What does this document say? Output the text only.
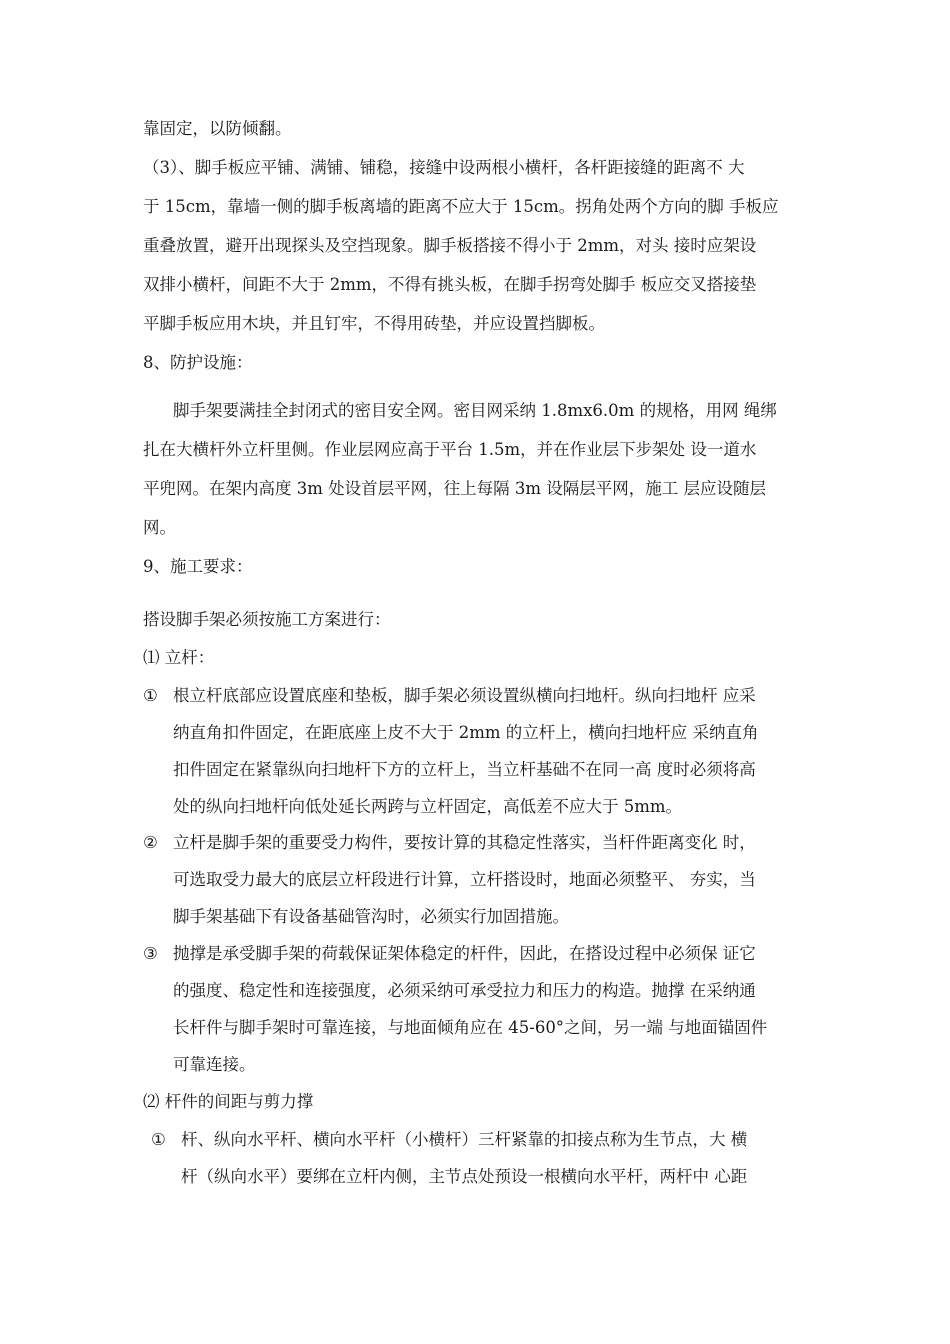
靠固定，以防倾翻。
（3）、脚手板应平铺、满铺、铺稳，接缝中设两根小横杆，各杆距接缝的距离不 大
于 15cm，靠墙一侧的脚手板离墙的距离不应大于 15cm。拐角处两个方向的脚 手板应
重叠放置，避开出现探头及空挡现象。脚手板搭接不得小于 2mm，对头 接时应架设
双排小横杆，间距不大于 2mm，不得有挑头板，在脚手拐弯处脚手 板应交叉搭接垫
平脚手板应用木块，并且钉牢，不得用砖垫，并应设置挡脚板。
8、防护设施：
脚手架要满挂全封闭式的密目安全网。密目网采纳 1.8mx6.0m 的规格，用网 绳绑
扎在大横杆外立杆里侧。作业层网应高于平台 1.5m，并在作业层下步架处 设一道水
平兜网。在架内高度 3m 处设首层平网，往上每隔 3m 设隔层平网，施工 层应设随层
网。
9、施工要求：
搭设脚手架必须按施工方案进行：
⑴ 立杆：
① 根立杆底部应设置底座和垫板，脚手架必须设置纵横向扫地杆。纵向扫地杆 应采
纳直角扣件固定，在距底座上皮不大于 2mm 的立杆上，横向扫地杆应 采纳直角
扣件固定在紧靠纵向扫地杆下方的立杆上，当立杆基础不在同一高 度时必须将高
处的纵向扫地杆向低处延长两跨与立杆固定，高低差不应大于 5mm。
② 立杆是脚手架的重要受力构件，要按计算的其稳定性落实，当杆件距离变化 时，
可选取受力最大的底层立杆段进行计算，立杆搭设时，地面必须整平、 夯实，当
脚手架基础下有设备基础管沟时，必须实行加固措施。
③ 抛撑是承受脚手架的荷载保证架体稳定的杆件，因此，在搭设过程中必须保 证它
的强度、稳定性和连接强度，必须采纳可承受拉力和压力的构造。抛撑 在采纳通
长杆件与脚手架时可靠连接，与地面倾角应在 45-60°之间，另一端 与地面锚固件
可靠连接。
⑵ 杆件的间距与剪力撑
① 杆、纵向水平杆、横向水平杆（小横杆）三杆紧靠的扣接点称为生节点，大 横
杆（纵向水平）要绑在立杆内侧，主节点处预设一根横向水平杆，两杆中 心距
